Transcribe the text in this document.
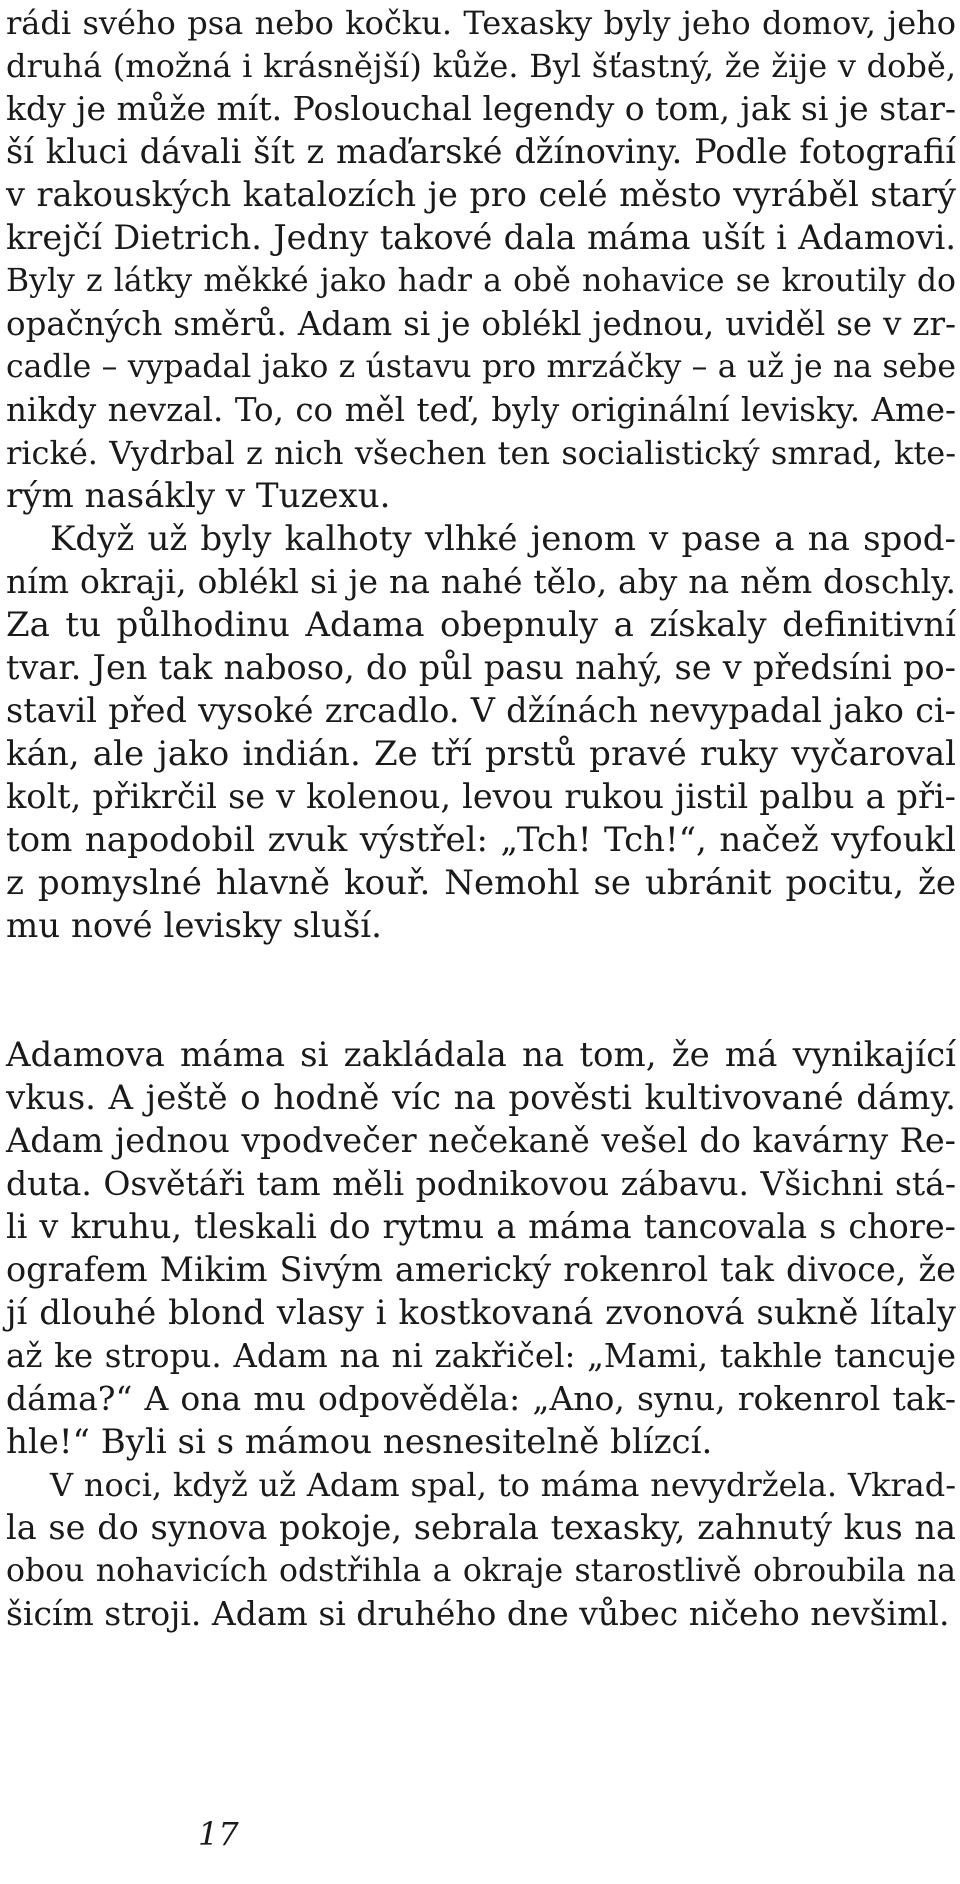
rádi svého psa nebo kočku. Texasky byly jeho domov, jeho
druhá (možná i krásnější) kůže. Byl šťastný, že žije v době,
kdy je může mít. Poslouchal legendy o tom, jak si je star-
ší kluci dávali šít z maďarské džínoviny. Podle fotografií
v rakouských katalozích je pro celé město vyráběl starý
krejčí Dietrich. Jedny takové dala máma ušít i Adamovi.
Byly z látky měkké jako hadr a obě nohavice se kroutily do
opačných směrů. Adam si je oblékl jednou, uviděl se v zr-
cadle – vypadal jako z ústavu pro mrzáčky – a už je na sebe
nikdy nevzal. To, co měl teď, byly originální levisky. Ame-
rické. Vydrbal z nich všechen ten socialistický smrad, kte-
rým nasákly v Tuzexu.
Když už byly kalhoty vlhké jenom v pase a na spod-
ním okraji, oblékl si je na nahé tělo, aby na něm doschly.
Za tu půlhodinu Adama obepnuly a získaly definitivní
tvar. Jen tak naboso, do půl pasu nahý, se v předsíni po-
stavil před vysoké zrcadlo. V džínách nevypadal jako ci-
kán, ale jako indián. Ze tří prstů pravé ruky vyčaroval
kolt, přikrčil se v kolenou, levou rukou jistil palbu a při-
tom napodobil zvuk výstřel: „Tch! Tch!“, načež vyfoukl
z pomyslné hlavně kouř. Nemohl se ubránit pocitu, že
mu nové levisky sluší.
Adamova máma si zakládala na tom, že má vynikající
vkus. A ještě o hodně víc na pověsti kultivované dámy.
Adam jednou vpodvečer nečekaně vešel do kavárny Re-
duta. Osvětáři tam měli podnikovou zábavu. Všichni stá-
li v kruhu, tleskali do rytmu a máma tancovala s chore-
ografem Mikim Sivým americký rokenrol tak divoce, že
jí dlouhé blond vlasy i kostkovaná zvonová sukně lítaly
až ke stropu. Adam na ni zakřičel: „Mami, takhle tancuje
dáma?“ A ona mu odpověděla: „Ano, synu, rokenrol tak-
hle!“ Byli si s mámou nesnesitelně blízcí.
V noci, když už Adam spal, to máma nevydržela. Vkrad-
la se do synova pokoje, sebrala texasky, zahnutý kus na
obou nohavicích odstřihla a okraje starostlivě obroubila na
šicím stroji. Adam si druhého dne vůbec ničeho nevšiml.
17
